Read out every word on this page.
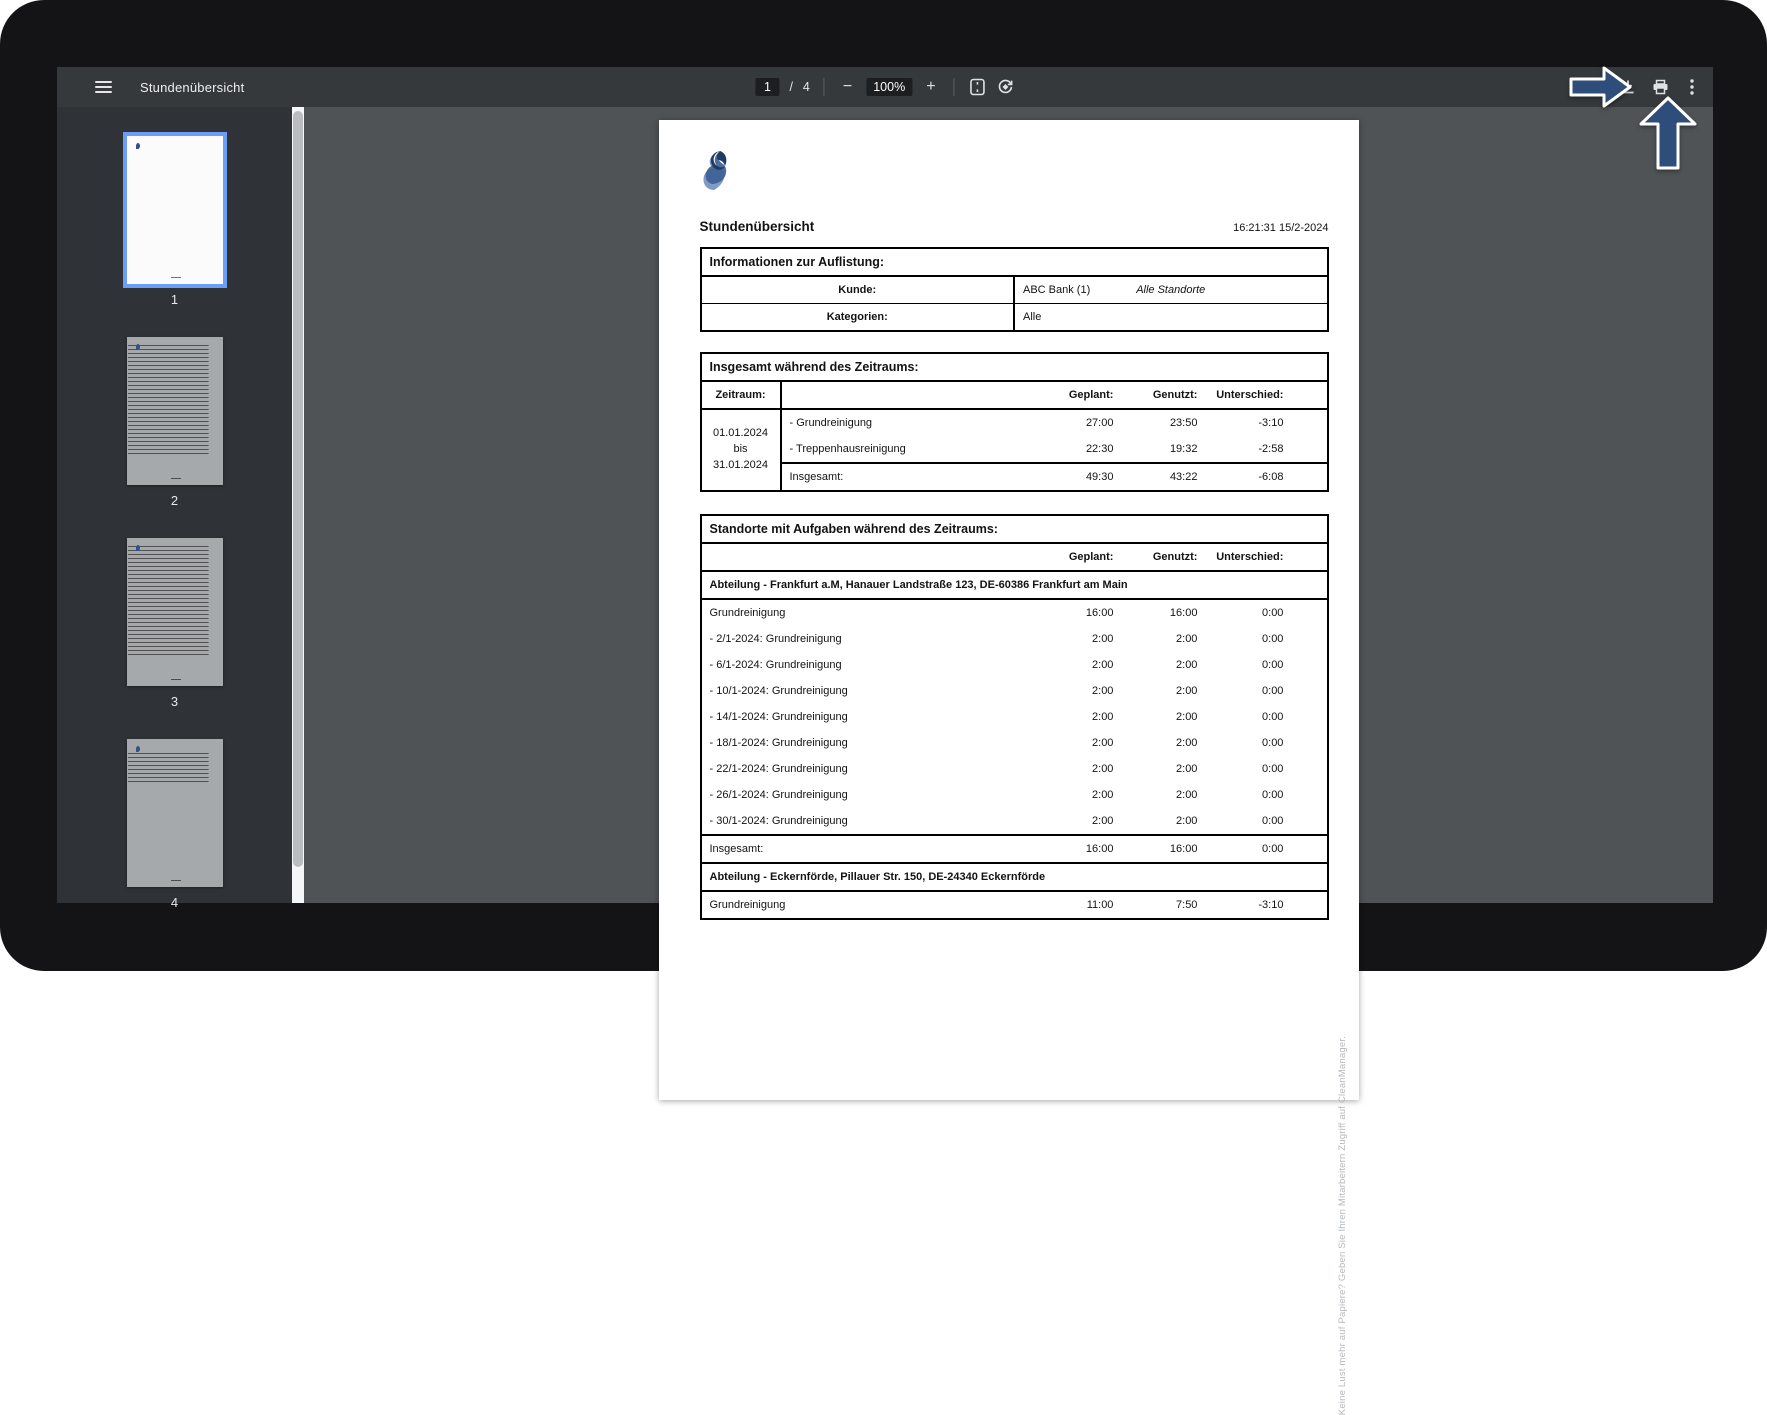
Stundenübersicht	1	/ 4 −	100%	+
1
2
3
4
Stundenübersicht	16:21:31 15/2-2024
Informationen zur Auflistung:	
Kunde:	ABC Bank (1) Alle Standorte

Kategorien:	Alle
Insgesamt während des Zeitraums:					
Zeitraum:		Geplant:	Genutzt:	Unterschied:	
01.01.2024
bis
31.01.2024	- Grundreinigung	27:00	23:50	-3:10	
	- Treppenhausreinigung	22:30	19:32	-2:58	
	Insgesamt:	49:30	43:22	-6:08	
Standorte mit Aufgaben während des Zeitraums:				
	Geplant:	Genutzt:	Unterschied:	
Abteilung - Frankfurt a.M, Hanauer Landstraße 123, DE-60386 Frankfurt am Main				
Grundreinigung	16:00	16:00	0:00	
- 2/1-2024: Grundreinigung	2:00	2:00	0:00	
- 6/1-2024: Grundreinigung	2:00	2:00	0:00	
- 10/1-2024: Grundreinigung	2:00	2:00	0:00	
- 14/1-2024: Grundreinigung	2:00	2:00	0:00	
- 18/1-2024: Grundreinigung	2:00	2:00	0:00	
- 22/1-2024: Grundreinigung	2:00	2:00	0:00	
- 26/1-2024: Grundreinigung	2:00	2:00	0:00	
- 30/1-2024: Grundreinigung	2:00	2:00	0:00	
Insgesamt:	16:00	16:00	0:00	
Abteilung - Eckernförde, Pillauer Str. 150, DE-24340 Eckernförde				
Grundreinigung	11:00	7:50	-3:10	
Keine Lust mehr auf Papiere? Geben Sie Ihren Mitarbeitern Zugriff auf CleanManager.
